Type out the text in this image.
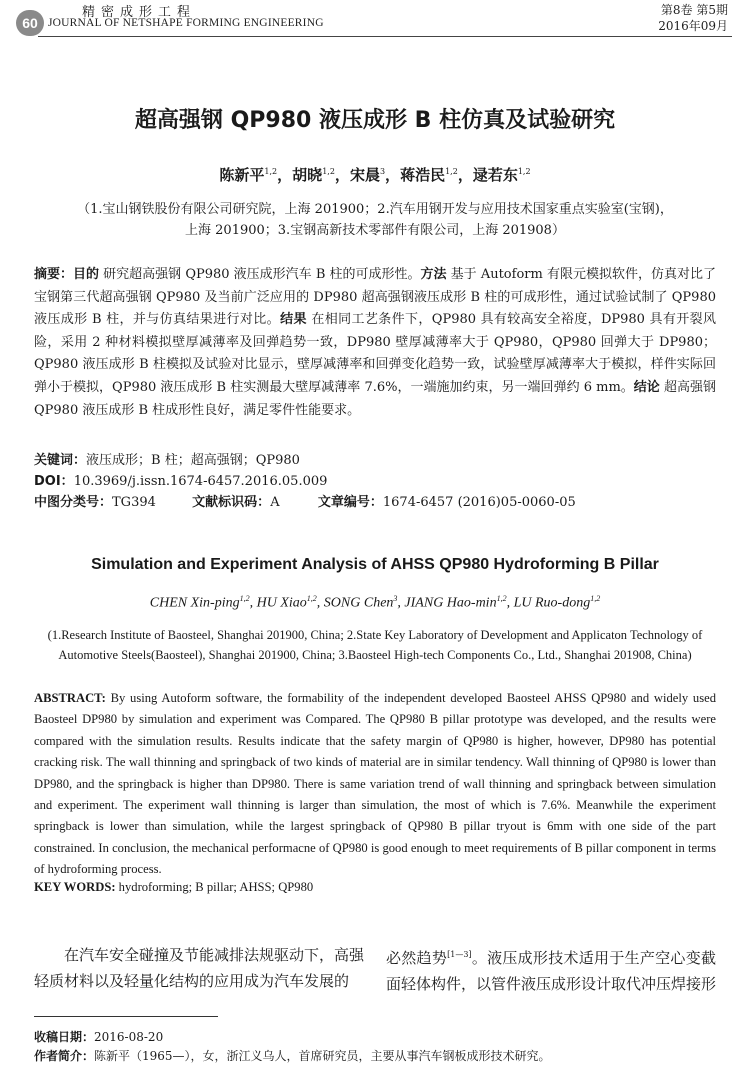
60
精密成形工程
JOURNAL OF NETSHAPE FORMING ENGINEERING
第8卷 第5期
2016年09月
超高强钢 QP980 液压成形 B 柱仿真及试验研究
陈新平$^{1,2}$，胡晓$^{1,2}$，宋晨$^3$，蒋浩民$^{1,2}$，逯若东$^{1,2}$
（1.宝山钢铁股份有限公司研究院，上海 201900；2.汽车用钢开发与应用技术国家重点实验室(宝钢)，
上海 201900；3.宝钢高新技术零部件有限公司，上海 201908）
摘要：目的 研究超高强钢 QP980 液压成形汽车 B 柱的可成形性。方法 基于 Autoform 有限元模拟软件，仿真对比了宝钢第三代超高强钢 QP980 及当前广泛应用的 DP980 超高强钢液压成形 B 柱的可成形性，通过试验试制了 QP980 液压成形 B 柱，并与仿真结果进行对比。结果 在相同工艺条件下，QP980 具有较高安全裕度，DP980 具有开裂风险，采用 2 种材料模拟壁厚减薄率及回弹趋势一致，DP980 壁厚减薄率大于 QP980，QP980 回弹大于 DP980；QP980 液压成形 B 柱模拟及试验对比显示，壁厚减薄率和回弹变化趋势一致，试验壁厚减薄率大于模拟，样件实际回弹小于模拟，QP980 液压成形 B 柱实测最大壁厚减薄率 7.6%，一端施加约束，另一端回弹约 6 mm。结论 超高强钢 QP980 液压成形 B 柱成形性良好，满足零件性能要求。
关键词：液压成形；B 柱；超高强钢；QP980
DOI：10.3969/j.issn.1674-6457.2016.05.009
中图分类号：TG394	文献标识码：A	文章编号：1674-6457 (2016)05-0060-05
Simulation and Experiment Analysis of AHSS QP980 Hydroforming B Pillar
CHEN Xin-ping$^{1,2}$, HU Xiao$^{1,2}$, SONG Chen$^3$, JIANG Hao-$\min^{1,2}$, LU Ruo-dong$^{1,2}$
(1.Research Institute of Baosteel, Shanghai 201900, China; 2.State Key Laboratory of Development and Applicaton Technology of
Automotive Steels(Baosteel), Shanghai 201900, China; 3.Baosteel High-tech Components Co., Ltd., Shanghai 201908, China)
ABSTRACT: By using Autoform software, the formability of the independent developed Baosteel AHSS QP980 and widely used Baosteel DP980 by simulation and experiment was Compared. The QP980 B pillar prototype was developed, and the results were compared with the simulation results. Results indicate that the safety margin of QP980 is higher, however, DP980 has potential cracking risk. The wall thinning and springback of two kinds of material are in similar tendency. Wall thinning of QP980 is lower than DP980, and the springback is higher than DP980. There is same variation trend of wall thinning and springback between simulation and experiment. The experiment wall thinning is larger than simulation, the most of which is 7.6%. Meanwhile the experiment springback is lower than simulation, while the largest springback of QP980 B pillar tryout is 6mm with one side of the part constrained. In conclusion, the mechanical performacne of QP980 is good enough to meet requirements of B pillar component in terms of hydroforming process.
KEY WORDS: hydroforming; B pillar; AHSS; QP980
在汽车安全碰撞及节能减排法规驱动下，高强轻质材料以及轻量化结构的应用成为汽车发展的
必然趋势[1—3]。液压成形技术适用于生产空心变截面轻体构件，以管件液压成形设计取代冲压焊接形
收稿日期：2016-08-20
作者简介：陈新平（1965—），女，浙江义乌人，首席研究员，主要从事汽车钢板成形技术研究。
